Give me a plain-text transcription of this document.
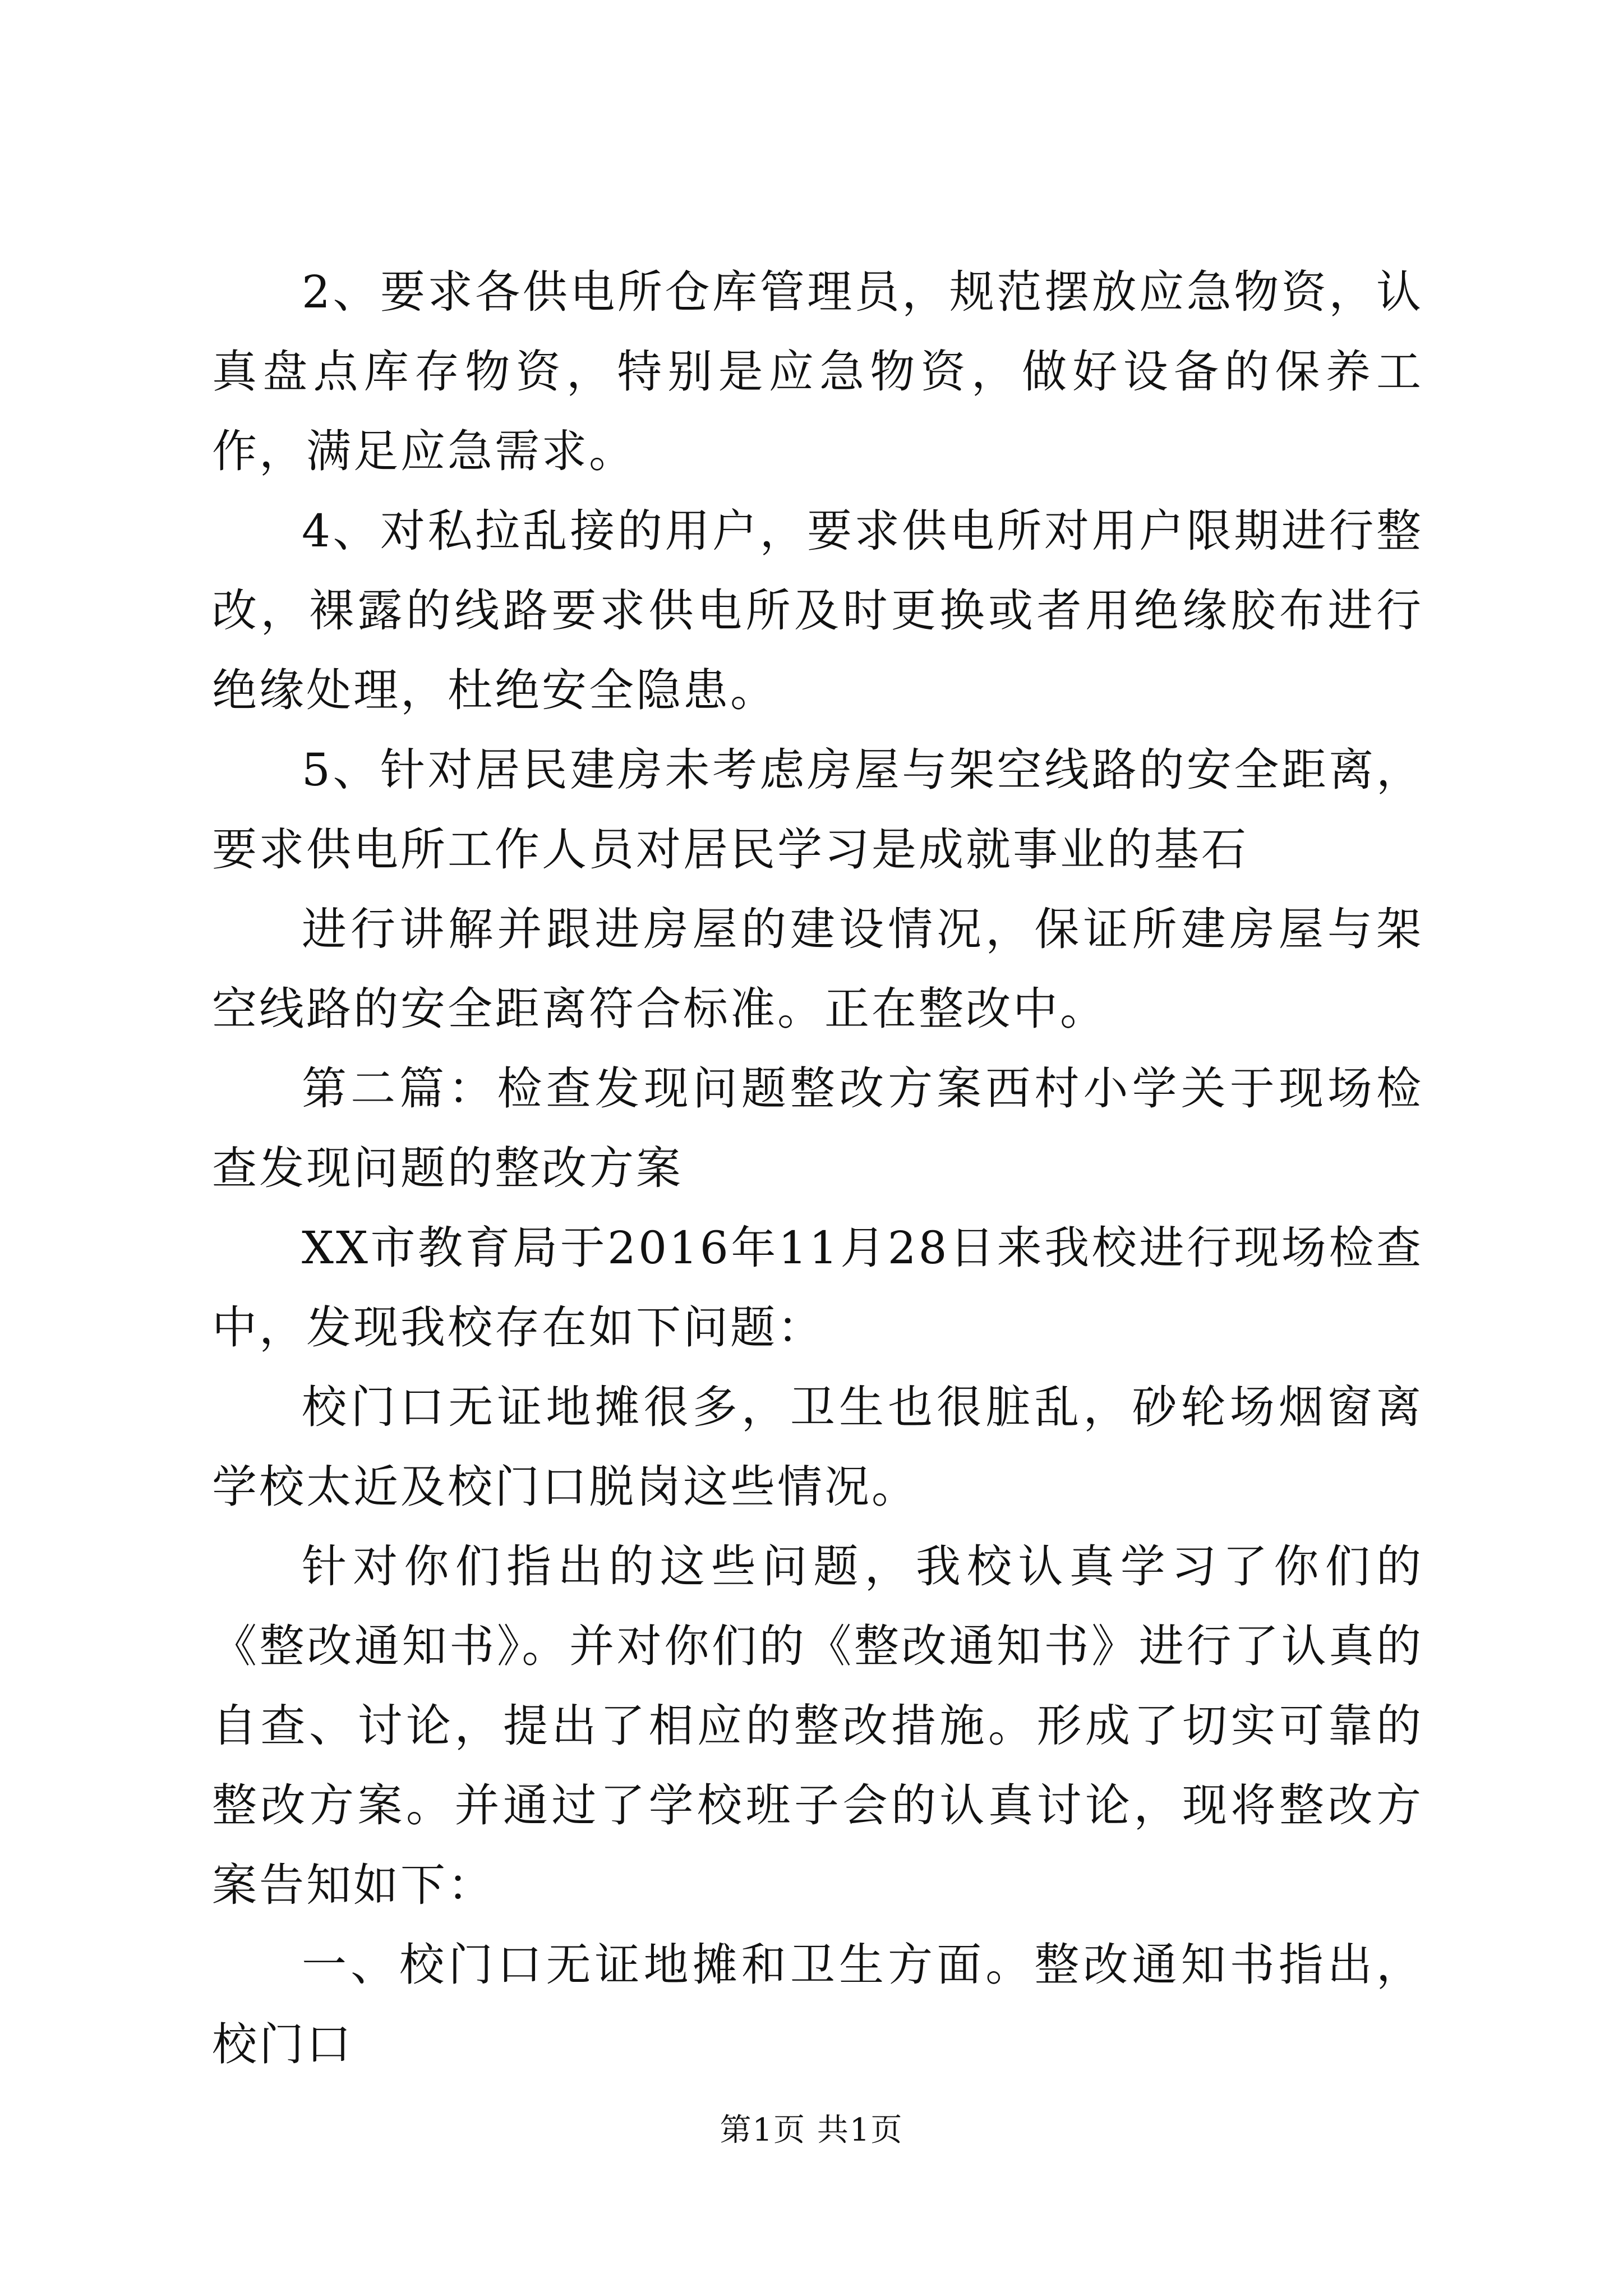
2、要求各供电所仓库管理员，规范摆放应急物资，认真盘点库存物资，特别是应急物资，做好设备的保养工作，满足应急需求。

4、对私拉乱接的用户，要求供电所对用户限期进行整改，裸露的线路要求供电所及时更换或者用绝缘胶布进行绝缘处理，杜绝安全隐患。

5、针对居民建房未考虑房屋与架空线路的安全距离，要求供电所工作人员对居民学习是成就事业的基石

进行讲解并跟进房屋的建设情况，保证所建房屋与架空线路的安全距离符合标准。正在整改中。

第二篇：检查发现问题整改方案西村小学关于现场检查发现问题的整改方案

XX市教育局于2016年11月28日来我校进行现场检查中，发现我校存在如下问题：

校门口无证地摊很多，卫生也很脏乱，砂轮场烟窗离学校太近及校门口脱岗这些情况。

针对你们指出的这些问题，我校认真学习了你们的《整改通知书》。并对你们的《整改通知书》进行了认真的自查、讨论，提出了相应的整改措施。形成了切实可靠的整改方案。并通过了学校班子会的认真讨论，现将整改方案告知如下：

一、校门口无证地摊和卫生方面。整改通知书指出，校门口

第1页 共1页
